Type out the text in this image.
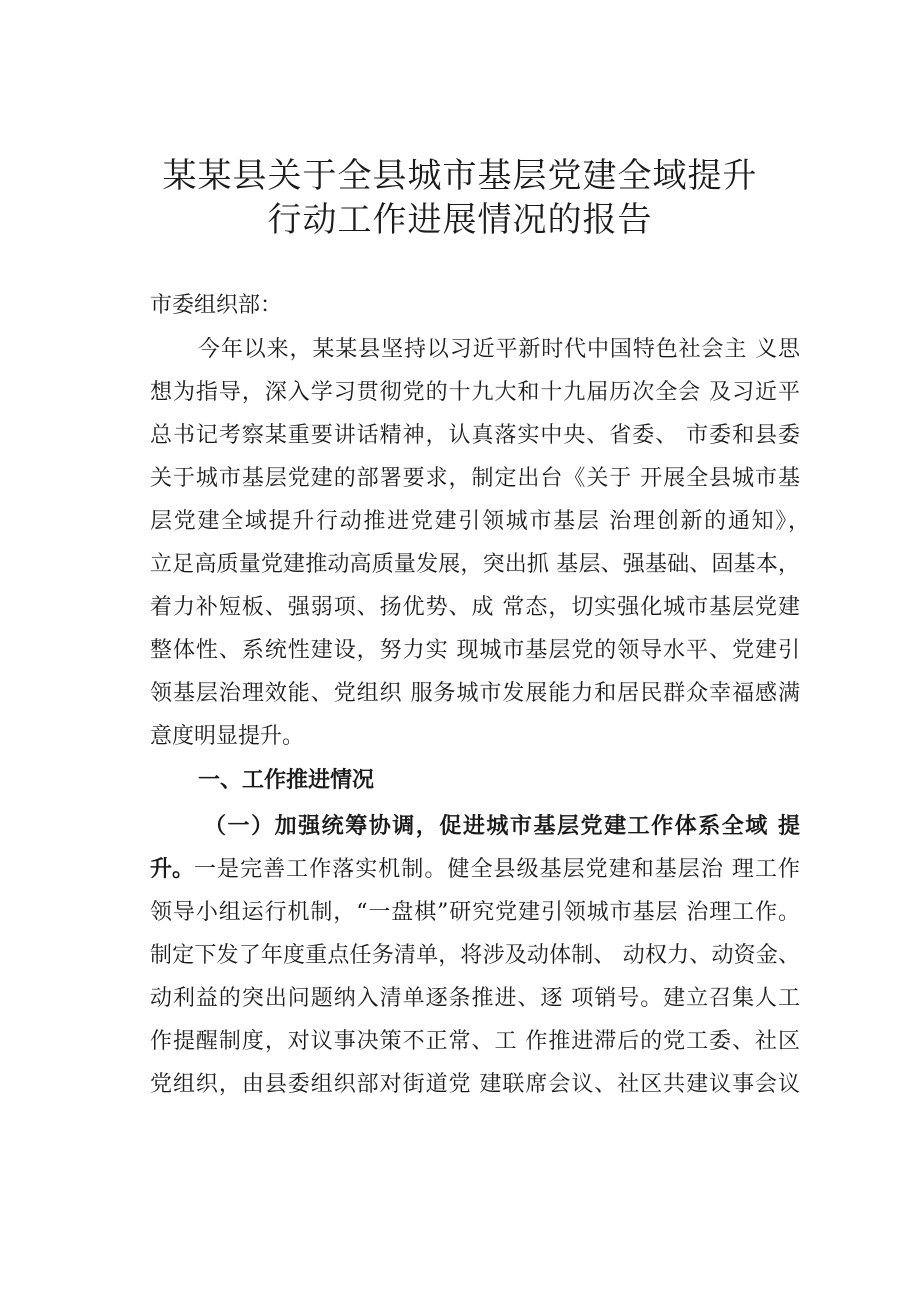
某某县关于全县城市基层党建全域提升
行动工作进展情况的报告
市委组织部：
今年以来，某某县坚持以习近平新时代中国特色社会主 义思
想为指导，深入学习贯彻党的十九大和十九届历次全会 及习近平
总书记考察某重要讲话精神，认真落实中央、省委、 市委和县委
关于城市基层党建的部署要求，制定出台《关于 开展全县城市基
层党建全域提升行动推进党建引领城市基层 治理创新的通知》，
立足高质量党建推动高质量发展，突出抓 基层、强基础、固基本，
着力补短板、强弱项、扬优势、成 常态，切实强化城市基层党建
整体性、系统性建设，努力实 现城市基层党的领导水平、党建引
领基层治理效能、党组织 服务城市发展能力和居民群众幸福感满
意度明显提升。
一、工作推进情况
（一）加强统筹协调，促进城市基层党建工作体系全域 提
升。 一是完善工作落实机制。健全县级基层党建和基层治 理工作
领导小组运行机制，“一盘棋”研究党建引领城市基层 治理工作。
制定下发了年度重点任务清单，将涉及动体制、 动权力、动资金、
动利益的突出问题纳入清单逐条推进、逐 项销号。建立召集人工
作提醒制度，对议事决策不正常、工 作推进滞后的党工委、社区
党组织，由县委组织部对街道党 建联席会议、社区共建议事会议
